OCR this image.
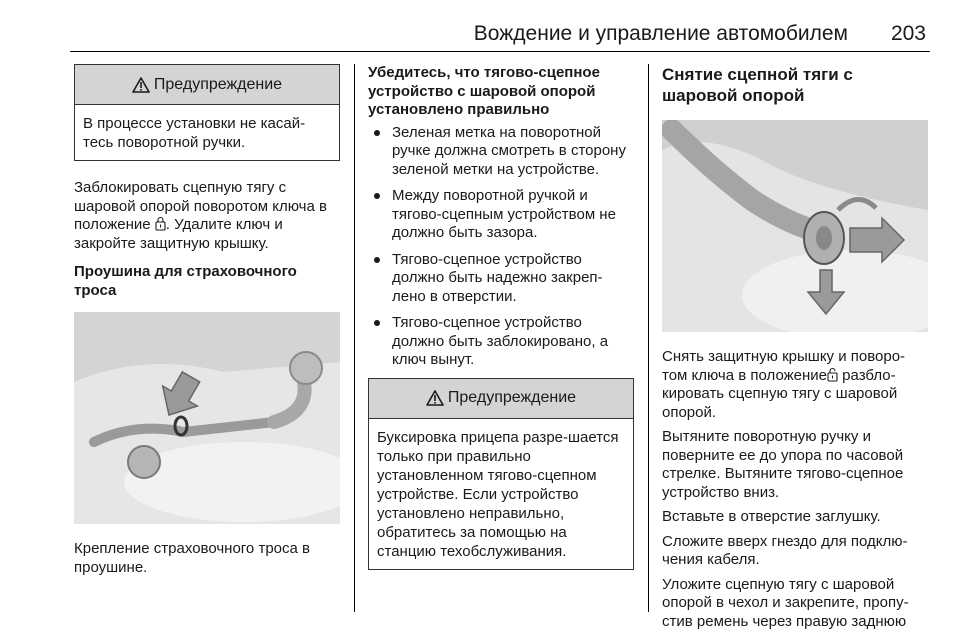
Вождение и управление автомобилем 203
Предупреждение
В процессе установки не касай-тесь поворотной ручки.

Заблокировать сцепную тягу с шаровой опорой поворотом ключа в положение . Удалите ключ и закройте защитную крышку.

Проушина для страховочного троса

Крепление страховочного троса в проушине.

Убедитесь, что тягово-сцепное устройство с шаровой опорой установлено правильно
Зеленая метка на поворотной ручке должна смотреть в сторону зеленой метки на устройстве.
Между поворотной ручкой и тягово-сцепным устройством не должно быть зазора.
Тягово-сцепное устройство должно быть надежно закреп-лено в отверстии.
Тягово-сцепное устройство должно быть заблокировано, а ключ вынут.
Предупреждение
Буксировка прицепа разре-шается только при правильно установленном тягово-сцепном устройстве. Если устройство установлено неправильно, обратитесь за помощью на станцию техобслуживания.
Снятие сцепной тяги с шаровой опорой

Снять защитную крышку и поворо-том ключа в положение разбло-кировать сцепную тягу с шаровой опорой.

Вытяните поворотную ручку и поверните ее до упора по часовой стрелке. Вытяните тягово-сцепное устройство вниз.

Вставьте в отверстие заглушку.

Сложите вверх гнездо для подклю-чения кабеля.

Уложите сцепную тягу с шаровой опорой в чехол и закрепите, пропу-стив ремень через правую заднюю
